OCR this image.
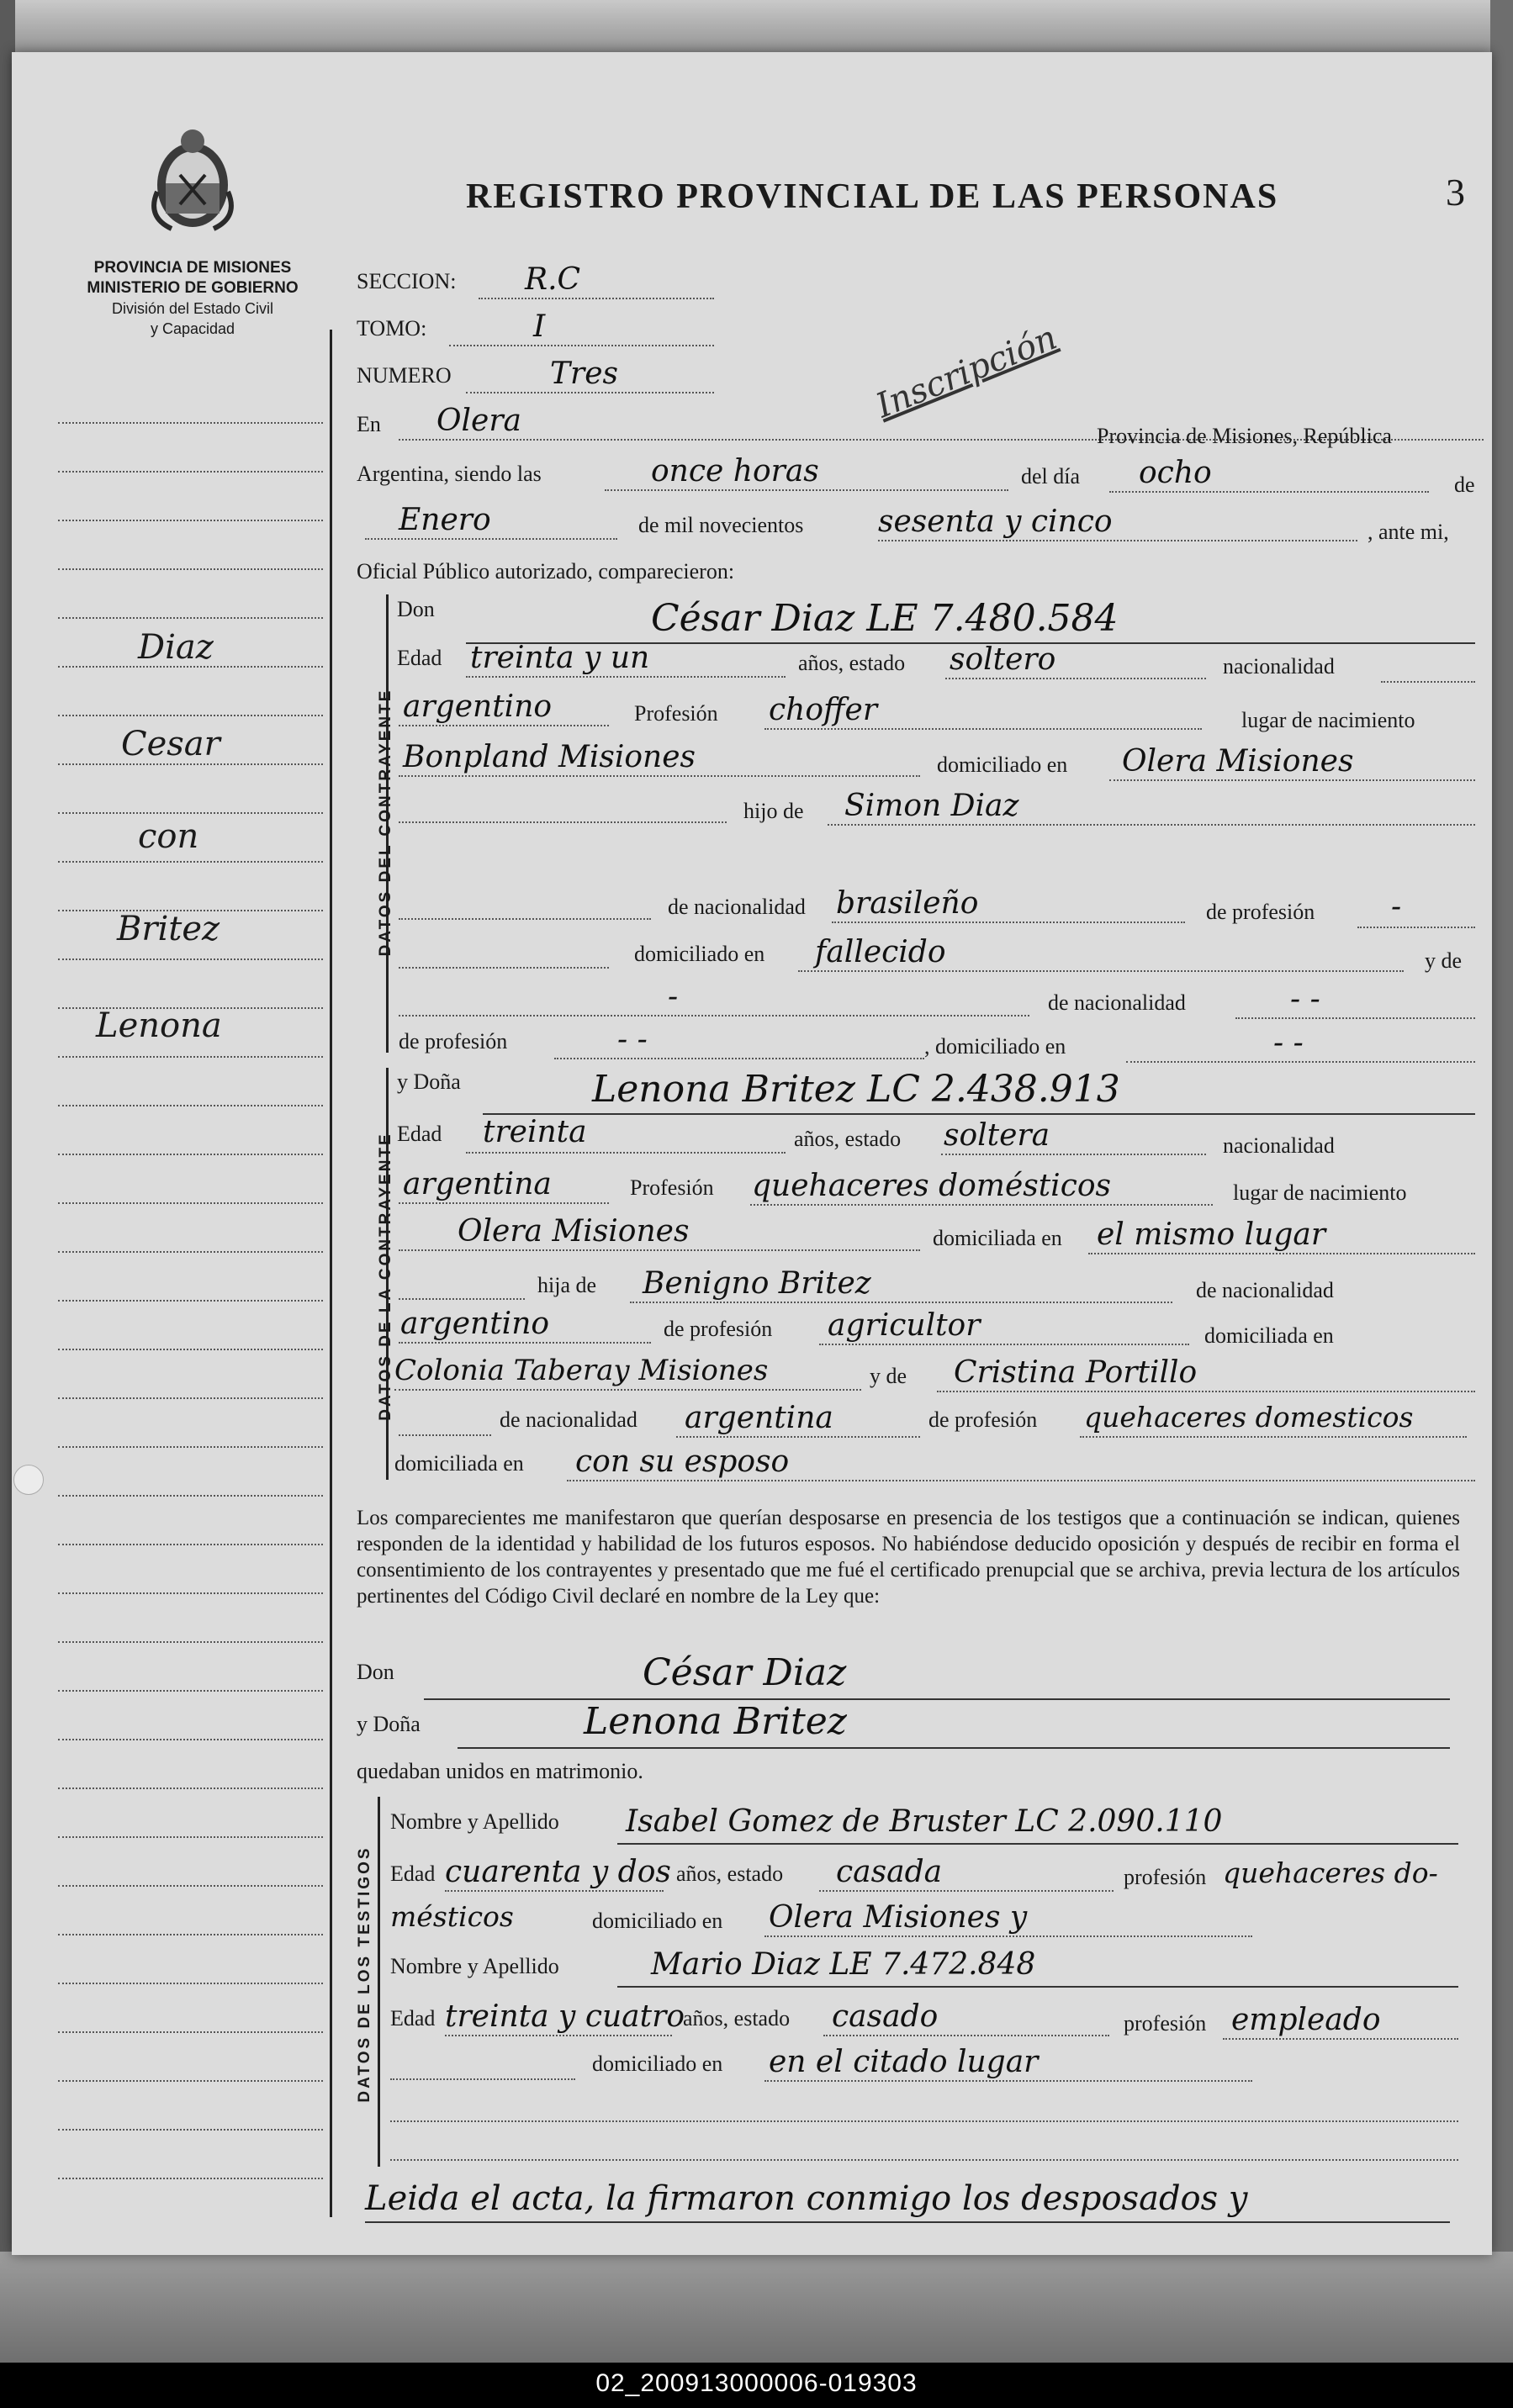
PROVINCIA DE MISIONES
MINISTERIO DE GOBIERNO
División del Estado Civil
y Capacidad
REGISTRO PROVINCIAL DE LAS PERSONAS	3
Diaz
Cesar
con
Britez
Lenona
SECCION: R.C
TOMO:	I
NUMERO	Tres	Inscripción
En Olera	Provincia de Misiones, República
Argentina, siendo las	once horas	del día ocho	de
Enero	de mil novecientos sesenta y cinco	, ante mi,
Oficial Público autorizado, comparecieron:
DATOS DEL CONTRAYENTE
Don	César Diaz LE 7.480.584
Edad treinta y un	años, estado soltero	nacionalidad
argentino	Profesión choffer	lugar de nacimiento
Bonpland Misiones	domiciliado en Olera Misiones
hijo de Simon Diaz
de nacionalidad brasileño	de profesión	-
domiciliado en fallecido	y de
-	de nacionalidad	- -
de profesión	- -	, domiciliado en	- -
DATOS DE LA CONTRAYENTE
y Doña	Lenona Britez LC 2.438.913
Edad treinta	años, estado soltera	nacionalidad
argentina	Profesión quehaceres domésticos	lugar de nacimiento
Olera Misiones	domiciliada en el mismo lugar
hija de Benigno Britez	de nacionalidad
argentino	de profesión agricultor	domiciliada en
Colonia Taberay Misiones	y de Cristina Portillo
de nacionalidad argentina	de profesión quehaceres domesticos
domiciliada en con su esposo
Los comparecientes me manifestaron que querían desposarse en presencia de los testigos que a continuación se indican, quienes responden de la identidad y habilidad de los futuros esposos. No habiéndose deducido oposición y después de recibir en forma el consentimiento de los contrayentes y presentado que me fué el certificado prenupcial que se archiva, previa lectura de los artículos pertinentes del Código Civil declaré en nombre de la Ley que:
Don	César Diaz
y Doña	Lenona Britez
quedaban unidos en matrimonio.
DATOS DE LOS TESTIGOS
Nombre y Apellido Isabel Gomez de Bruster LC 2.090.110
Edad cuarenta y dos años, estado casada	profesión quehaceres do-
mésticos	domiciliado en Olera Misiones y
Nombre y Apellido	Mario Diaz LE 7.472.848
Edad treinta y cuatro
años, estado casado	profesión empleado
domiciliado en en el citado lugar
Leida el acta, la firmaron conmigo los desposados y
02_200913000006-019303
